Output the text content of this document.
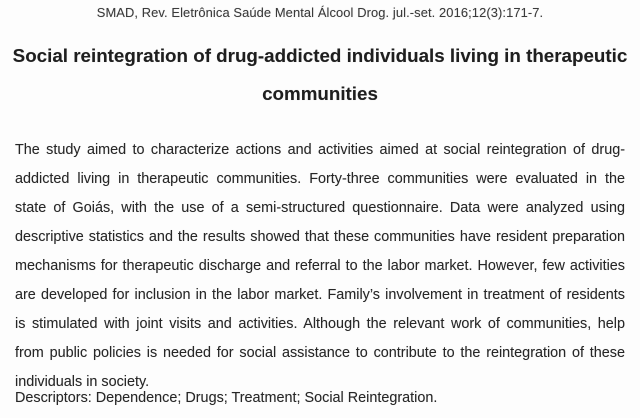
SMAD, Rev. Eletrônica Saúde Mental Álcool Drog. jul.-set. 2016;12(3):171-7.
Social reintegration of drug-addicted individuals living in therapeutic
communities
The study aimed to characterize actions and activities aimed at social reintegration of drug-
addicted living in therapeutic communities. Forty-three communities were evaluated in the
state of Goiás, with the use of a semi-structured questionnaire. Data were analyzed using
descriptive statistics and the results showed that these communities have resident preparation
mechanisms for therapeutic discharge and referral to the labor market. However, few activities
are developed for inclusion in the labor market. Family’s involvement in treatment of residents
is stimulated with joint visits and activities. Although the relevant work of communities, help
from public policies is needed for social assistance to contribute to the reintegration of these
individuals in society.
Descriptors: Dependence; Drugs; Treatment; Social Reintegration.
